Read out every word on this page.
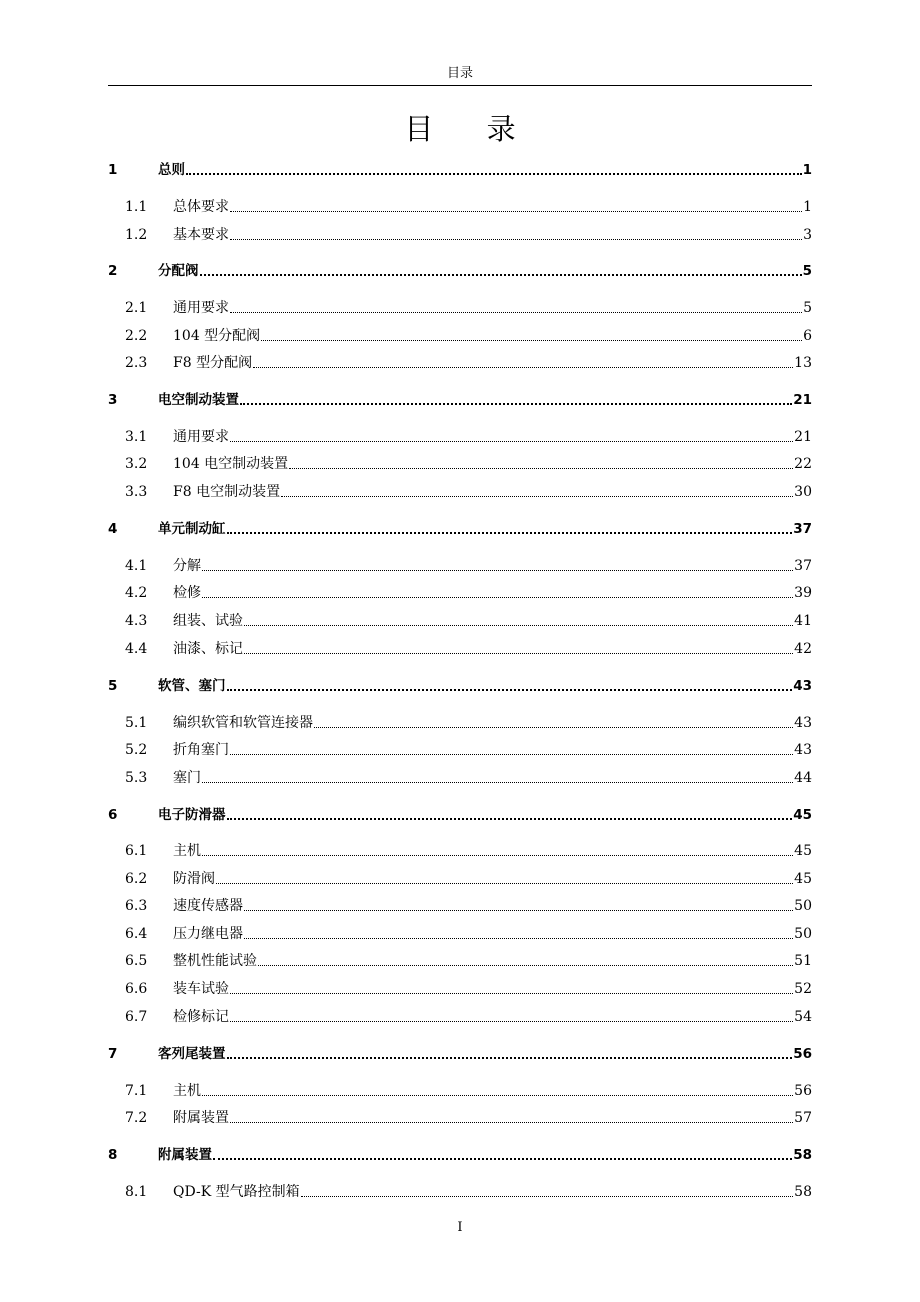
目录
目 录
1	总则	1
1.1	总体要求	1
1.2	基本要求	3
2	分配阀	5
2.1	通用要求	5
2.2	104 型分配阀	6
2.3	F8 型分配阀	13
3	电空制动装置	21
3.1	通用要求	21
3.2	104 电空制动装置	22
3.3	F8 电空制动装置	30
4	单元制动缸	37
4.1	分解	37
4.2	检修	39
4.3	组装、试验	41
4.4	油漆、标记	42
5	软管、塞门	43
5.1	编织软管和软管连接器	43
5.2	折角塞门	43
5.3	塞门	44
6	电子防滑器	45
6.1	主机	45
6.2	防滑阀	45
6.3	速度传感器	50
6.4	压力继电器	50
6.5	整机性能试验	51
6.6	装车试验	52
6.7	检修标记	54
7	客列尾装置	56
7.1	主机	56
7.2	附属装置	57
8	附属装置	58
8.1	QD-K 型气路控制箱	58
I
